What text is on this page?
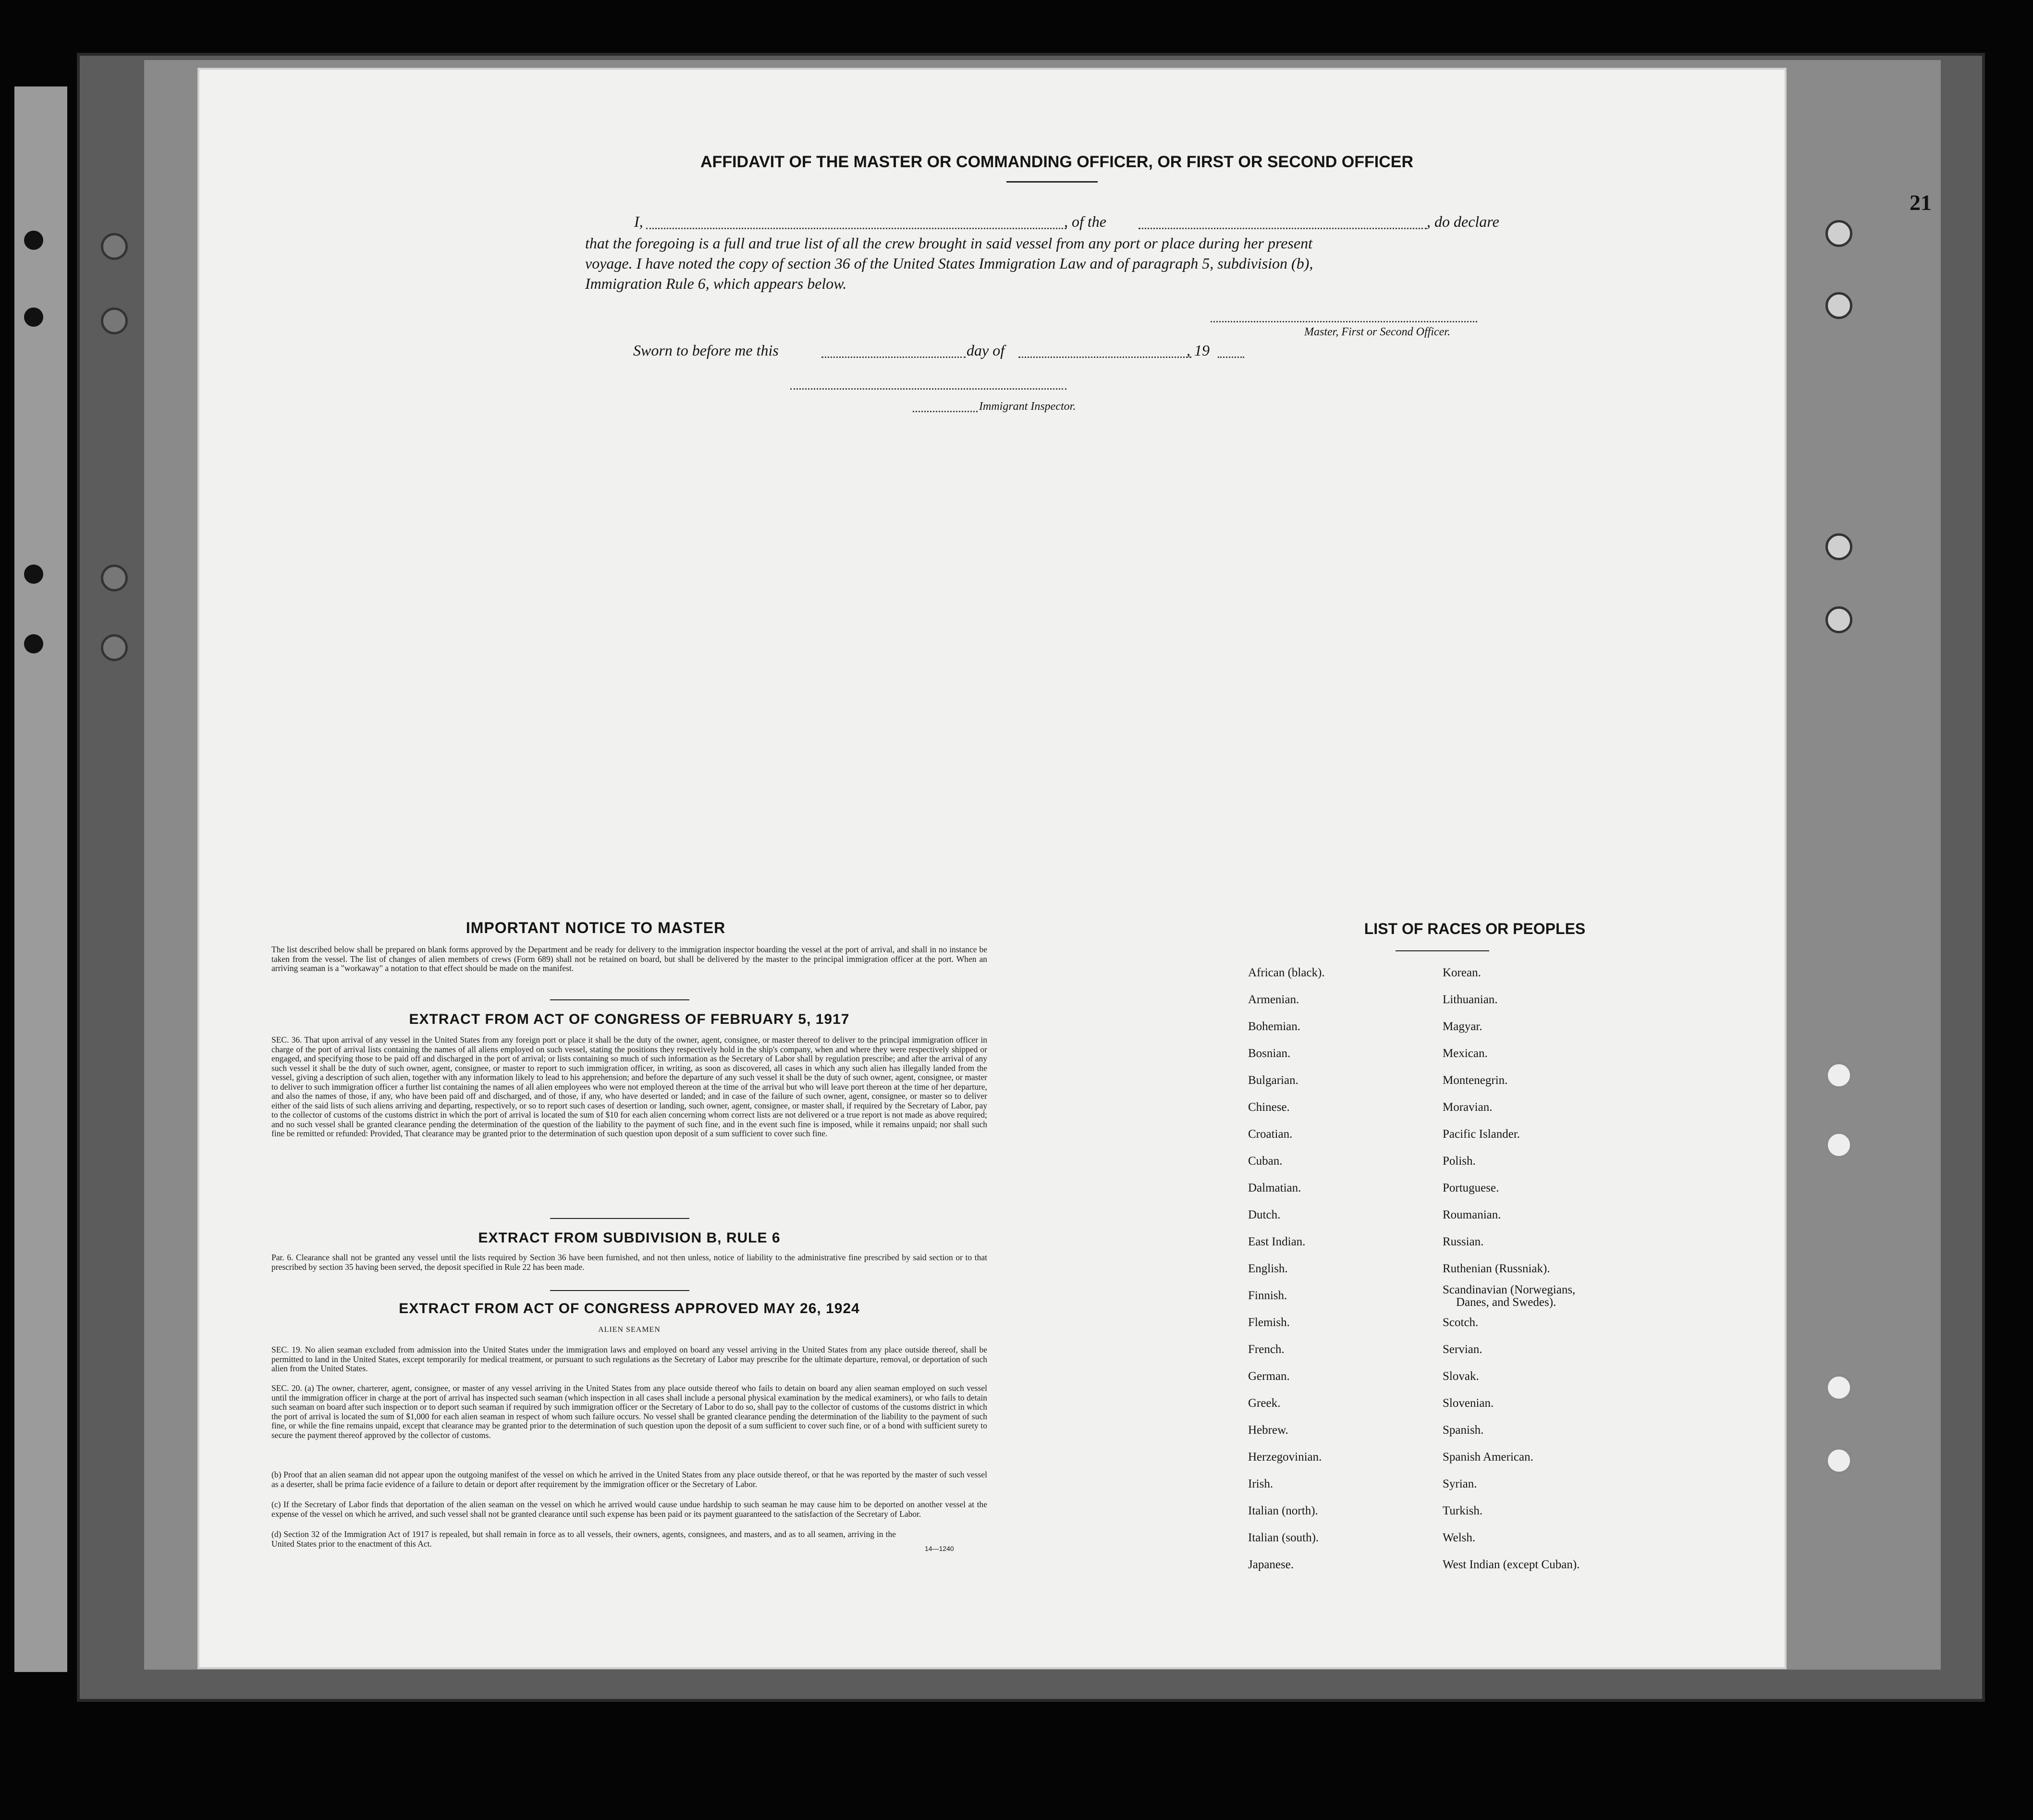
21
AFFIDAVIT OF THE MASTER OR COMMANDING OFFICER, OR FIRST OR SECOND OFFICER
I,	, of the	, do declare
that the foregoing is a full and true list of all the crew brought in said vessel from any port or place during her present
voyage. I have noted the copy of section 36 of the United States Immigration Law and of paragraph 5, subdivision (b),
Immigration Rule 6, which appears below.
Master, First or Second Officer.
Sworn to before me this	day of	, 19
Immigrant Inspector.
IMPORTANT NOTICE TO MASTER
The list described below shall be prepared on blank forms approved by the Department and be ready for delivery to the immigration inspector boarding the vessel at the port of arrival, and shall in no instance be taken from the vessel. The list of changes of alien members of crews (Form 689) shall not be retained on board, but shall be delivered by the master to the principal immigration officer at the port. When an arriving seaman is a "workaway" a notation to that effect should be made on the manifest.
EXTRACT FROM ACT OF CONGRESS OF FEBRUARY 5, 1917
SEC. 36. That upon arrival of any vessel in the United States from any foreign port or place it shall be the duty of the owner, agent, consignee, or master thereof to deliver to the principal immigration officer in charge of the port of arrival lists containing the names of all aliens employed on such vessel, stating the positions they respectively hold in the ship's company, when and where they were respectively shipped or engaged, and specifying those to be paid off and discharged in the port of arrival; or lists containing so much of such information as the Secretary of Labor shall by regulation prescribe; and after the arrival of any such vessel it shall be the duty of such owner, agent, consignee, or master to report to such immigration officer, in writing, as soon as discovered, all cases in which any such alien has illegally landed from the vessel, giving a description of such alien, together with any information likely to lead to his apprehension; and before the departure of any such vessel it shall be the duty of such owner, agent, consignee, or master to deliver to such immigration officer a further list containing the names of all alien employees who were not employed thereon at the time of the arrival but who will leave port thereon at the time of her departure, and also the names of those, if any, who have been paid off and discharged, and of those, if any, who have deserted or landed; and in case of the failure of such owner, agent, consignee, or master so to deliver either of the said lists of such aliens arriving and departing, respectively, or so to report such cases of desertion or landing, such owner, agent, consignee, or master shall, if required by the Secretary of Labor, pay to the collector of customs of the customs district in which the port of arrival is located the sum of $10 for each alien concerning whom correct lists are not delivered or a true report is not made as above required; and no such vessel shall be granted clearance pending the determination of the question of the liability to the payment of such fine, and in the event such fine is imposed, while it remains unpaid; nor shall such fine be remitted or refunded: Provided, That clearance may be granted prior to the determination of such question upon deposit of a sum sufficient to cover such fine.
EXTRACT FROM SUBDIVISION B, RULE 6
Par. 6. Clearance shall not be granted any vessel until the lists required by Section 36 have been furnished, and not then unless, notice of liability to the administrative fine prescribed by said section or to that prescribed by section 35 having been served, the deposit specified in Rule 22 has been made.
EXTRACT FROM ACT OF CONGRESS APPROVED MAY 26, 1924
ALIEN SEAMEN
SEC. 19. No alien seaman excluded from admission into the United States under the immigration laws and employed on board any vessel arriving in the United States from any place outside thereof, shall be permitted to land in the United States, except temporarily for medical treatment, or pursuant to such regulations as the Secretary of Labor may prescribe for the ultimate departure, removal, or deportation of such alien from the United States.
SEC. 20. (a) The owner, charterer, agent, consignee, or master of any vessel arriving in the United States from any place outside thereof who fails to detain on board any alien seaman employed on such vessel until the immigration officer in charge at the port of arrival has inspected such seaman (which inspection in all cases shall include a personal physical examination by the medical examiners), or who fails to detain such seaman on board after such inspection or to deport such seaman if required by such immigration officer or the Secretary of Labor to do so, shall pay to the collector of customs of the customs district in which the port of arrival is located the sum of $1,000 for each alien seaman in respect of whom such failure occurs. No vessel shall be granted clearance pending the determination of the liability to the payment of such fine, or while the fine remains unpaid, except that clearance may be granted prior to the determination of such question upon the deposit of a sum sufficient to cover such fine, or of a bond with sufficient surety to secure the payment thereof approved by the collector of customs.
(b) Proof that an alien seaman did not appear upon the outgoing manifest of the vessel on which he arrived in the United States from any place outside thereof, or that he was reported by the master of such vessel as a deserter, shall be prima facie evidence of a failure to detain or deport after requirement by the immigration officer or the Secretary of Labor.
(c) If the Secretary of Labor finds that deportation of the alien seaman on the vessel on which he arrived would cause undue hardship to such seaman he may cause him to be deported on another vessel at the expense of the vessel on which he arrived, and such vessel shall not be granted clearance until such expense has been paid or its payment guaranteed to the satisfaction of the Secretary of Labor.
(d) Section 32 of the Immigration Act of 1917 is repealed, but shall remain in force as to all vessels, their owners, agents, consignees, and masters, and as to all seamen, arriving in the United States prior to the enactment of this Act.
14—1240
LIST OF RACES OR PEOPLES
African (black).
Armenian.
Bohemian.
Bosnian.
Bulgarian.
Chinese.
Croatian.
Cuban.
Dalmatian.
Dutch.
East Indian.
English.
Finnish.
Flemish.
French.
German.
Greek.
Hebrew.
Herzegovinian.
Irish.
Italian (north).
Italian (south).
Japanese.
Korean.
Lithuanian.
Magyar.
Mexican.
Montenegrin.
Moravian.
Pacific Islander.
Polish.
Portuguese.
Roumanian.
Russian.
Ruthenian (Russniak).
Scandinavian (Norwegians,
Danes, and Swedes).
Scotch.
Servian.
Slovak.
Slovenian.
Spanish.
Spanish American.
Syrian.
Turkish.
Welsh.
West Indian (except Cuban).
